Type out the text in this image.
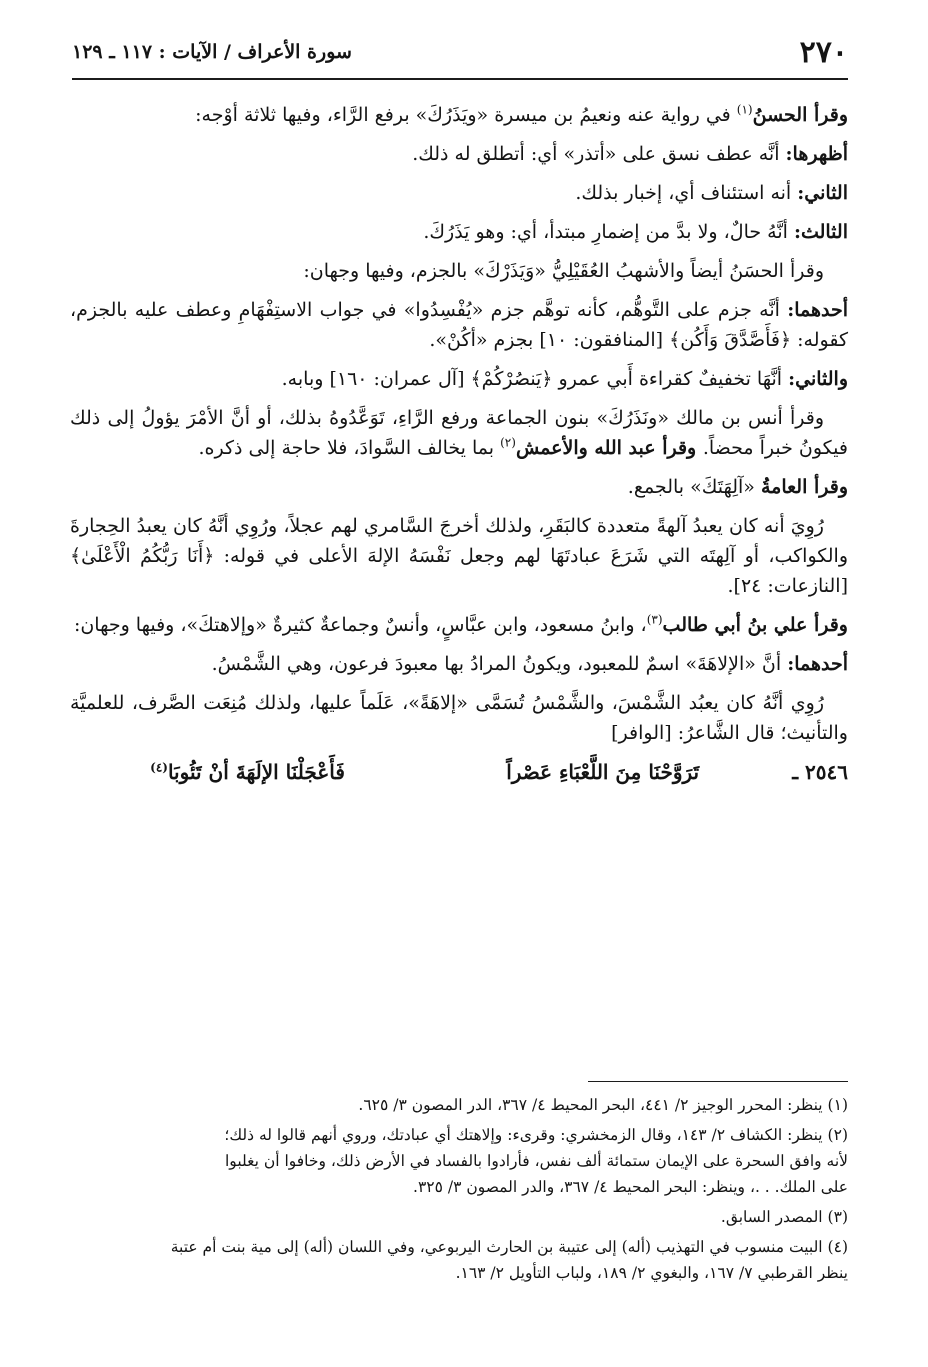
٢٧٠
سورة الأعراف / الآيات : ١١٧ ـ ١٢٩

وقرأ الحسنُ$^{(١)}$ في رواية عنه ونعيمُ بن ميسرة «ويَذَرُكَ» برفع الرَّاء، وفيها ثلاثة أوْجه:

أظهرها: أنَّه عطف نسق على «أتذر» أي: أتطلق له ذلك.

الثاني: أنه استئناف أي، إخبار بذلك.

الثالث: أنَّهُ حالٌ، ولا بدَّ من إضمارِ مبتدأ، أي: وهو يَذَرُكَ.

وقرأ الحسَنُ أيضاً والأشهبُ العُقَيْلِيُّ «وَيَذَرْكَ» بالجزم، وفيها وجهان:

أحدهما: أنَّه جزم على التَّوهُّم، كأنه توهَّم جزم «يُفْسِدُوا» في جواب الاستِفْهَامِ وعطف عليه بالجزم، كقوله: ﴿فَأَصَّدَّقَ وَأَكُن﴾ [المنافقون: ١٠] بجزم «أكُنْ».

والثاني: أنَّهَا تخفيفٌ كقراءة أَبي عمرو ﴿يَنصُرْكُمْ﴾ [آل عمران: ١٦٠] وبابه.

وقرأ أنس بن مالك «ونَذَرُكَ» بنون الجماعة ورفع الرَّاءِ، تَوَعَّدُوهُ بذلك، أو أنَّ الأمْرَ يؤولُ إلى ذلك فيكونُ خبراً محضاً. وقرأ عبد الله والأعمش$^{(٢)}$ بما يخالف السَّوادَ، فلا حاجة إلى ذكره.

وقرأ العامةُ «آلِهَتَكَ» بالجمع.

رُوِيَ أنه كان يعبدُ آلهةً متعددة كالبَقَرِ، ولذلك أخرجَ السَّامري لهم عجلاً، ورُوِي أنَّهُ كان يعبدُ الحِجارةَ والكواكب، أو آلِهتَه التي شَرَعَ عبادتَهَا لهم وجعل نَفْسَهُ الإلهَ الأعلى في قوله: ﴿أَنَا رَبُّكُمُ الْأَعْلَىٰ﴾ [النازعات: ٢٤].

وقرأ علي بنُ أبي طالب$^{(٣)}$، وابنُ مسعود، وابن عبَّاسٍ، وأنسٌ وجماعةٌ كثيرةٌ «وإلاهتكَ»، وفيها وجهان:

أحدهما: أنَّ «الإلاهَةَ» اسمٌ للمعبود، ويكونُ المرادُ بها معبودَ فرعون، وهي الشَّمْسُ.

رُوِي أنَّهُ كان يعبُد الشَّمْسَ، والشَّمْسُ تُسَمَّى «إلاهَةً»، عَلَماً عليها، ولذلك مُنِعَت الصَّرف، للعلميَّة والتأنيث؛ قال الشَّاعرُ: [الوافر]

٢٥٤٦ ـ
تَرَوَّحْنَا مِنَ اللَّعْبَاءِ عَصْراً
فَأَعْجَلْنَا الإلَهَةَ أنْ تَئُوبَا$^{(٤)}$

(١) ينظر: المحرر الوجيز ٢/ ٤٤١، البحر المحيط ٤/ ٣٦٧، الدر المصون ٣/ ٦٢٥.

(٢) ينظر: الكشاف ٢/ ١٤٣، وقال الزمخشري: وقرىء: وإلاهتك أي عبادتك، وروي أنهم قالوا له ذلك؛
لأنه وافق السحرة على الإيمان ستمائة ألف نفس، فأرادوا بالفساد في الأرض ذلك، وخافوا أن يغلبوا
على الملك. . .، وينظر: البحر المحيط ٤/ ٣٦٧، والدر المصون ٣/ ٣٢٥.

(٣) المصدر السابق.

(٤) البيت منسوب في التهذيب (أله) إلى عتيبة بن الحارث اليربوعي، وفي اللسان (أله) إلى مية بنت أم عتبة
ينظر القرطبي ٧/ ١٦٧، والبغوي ٢/ ١٨٩، ولباب التأويل ٢/ ١٦٣.
